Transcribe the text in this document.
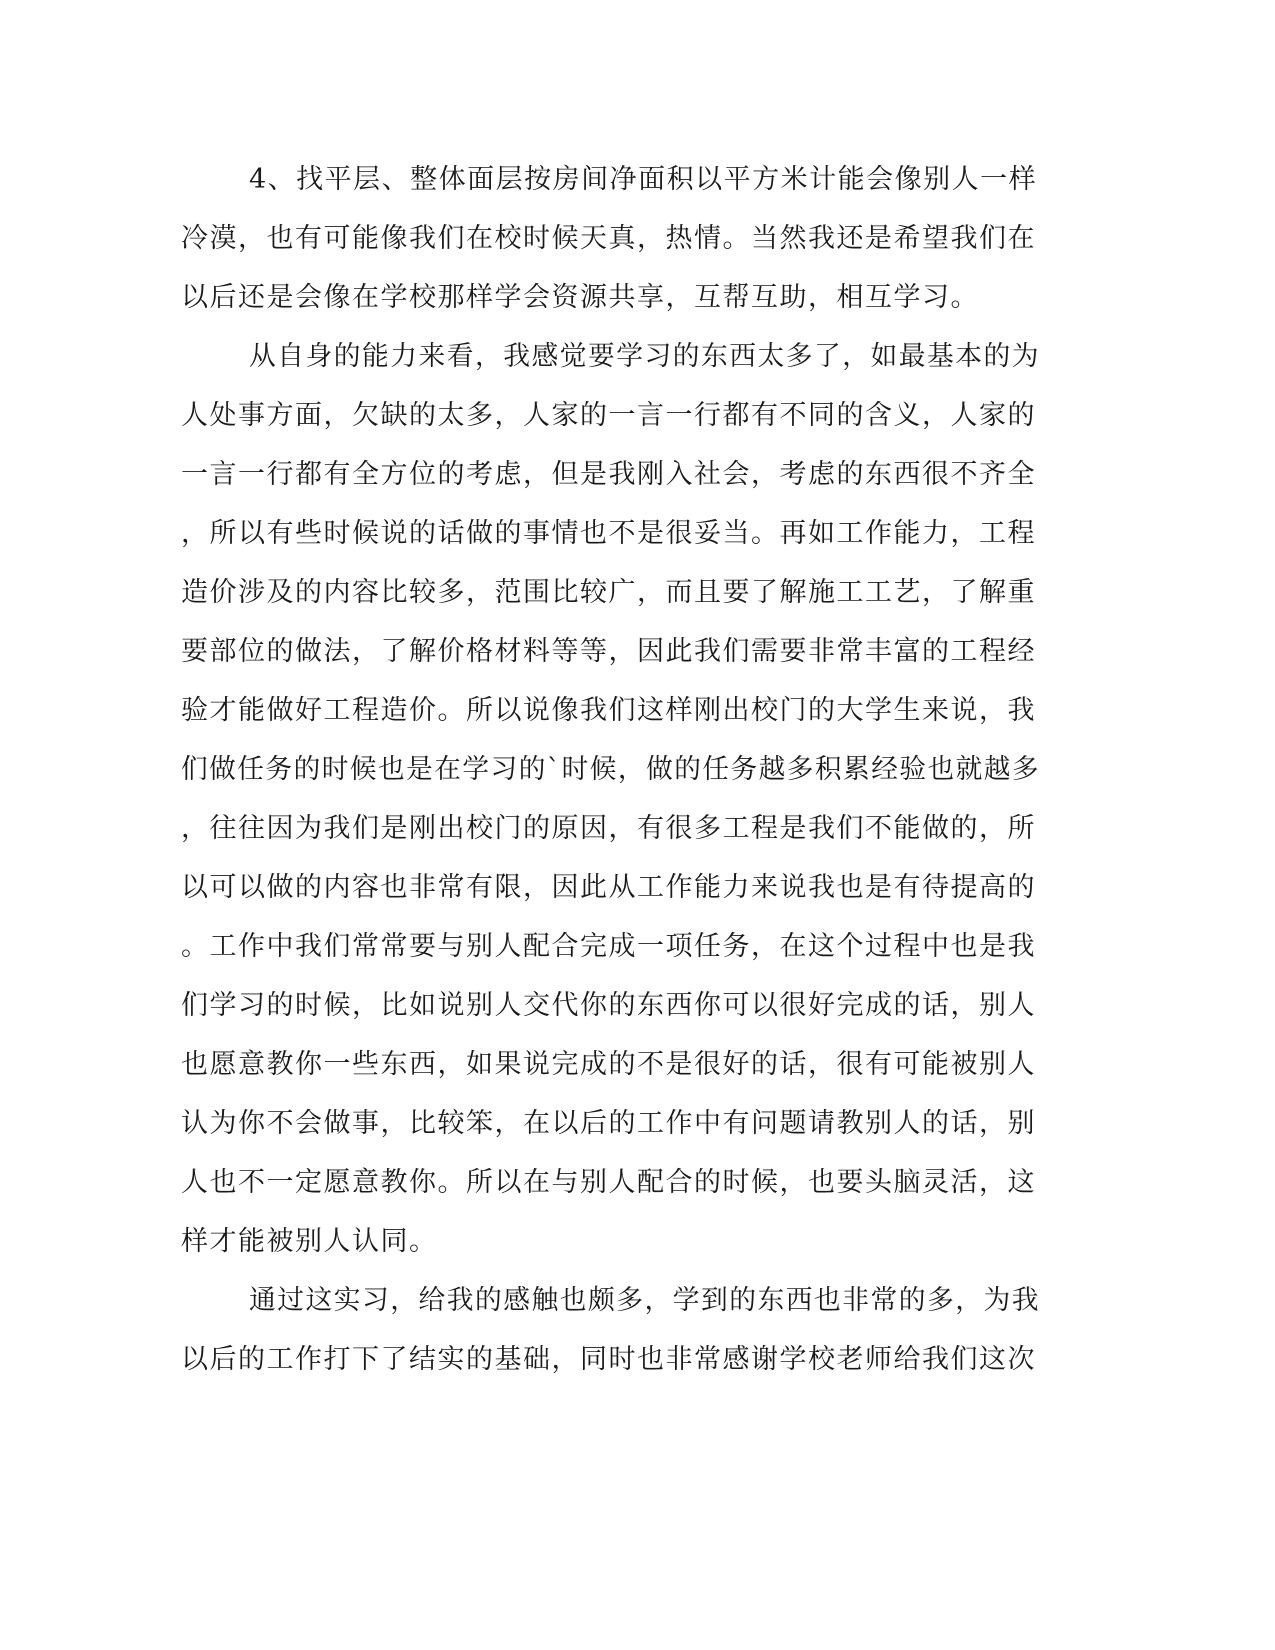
4、找平层、整体面层按房间净面积以平方米计能会像别人一样
冷漠，也有可能像我们在校时候天真，热情。当然我还是希望我们在
以后还是会像在学校那样学会资源共享，互帮互助，相互学习。
从自身的能力来看，我感觉要学习的东西太多了，如最基本的为
人处事方面，欠缺的太多，人家的一言一行都有不同的含义，人家的
一言一行都有全方位的考虑，但是我刚入社会，考虑的东西很不齐全
，所以有些时候说的话做的事情也不是很妥当。再如工作能力，工程
造价涉及的内容比较多，范围比较广，而且要了解施工工艺，了解重
要部位的做法，了解价格材料等等，因此我们需要非常丰富的工程经
验才能做好工程造价。所以说像我们这样刚出校门的大学生来说，我
们做任务的时候也是在学习的`时候，做的任务越多积累经验也就越多
，往往因为我们是刚出校门的原因，有很多工程是我们不能做的，所
以可以做的内容也非常有限，因此从工作能力来说我也是有待提高的
。工作中我们常常要与别人配合完成一项任务，在这个过程中也是我
们学习的时候，比如说别人交代你的东西你可以很好完成的话，别人
也愿意教你一些东西，如果说完成的不是很好的话，很有可能被别人
认为你不会做事，比较笨，在以后的工作中有问题请教别人的话，别
人也不一定愿意教你。所以在与别人配合的时候，也要头脑灵活，这
样才能被别人认同。
通过这实习，给我的感触也颇多，学到的东西也非常的多，为我
以后的工作打下了结实的基础，同时也非常感谢学校老师给我们这次
